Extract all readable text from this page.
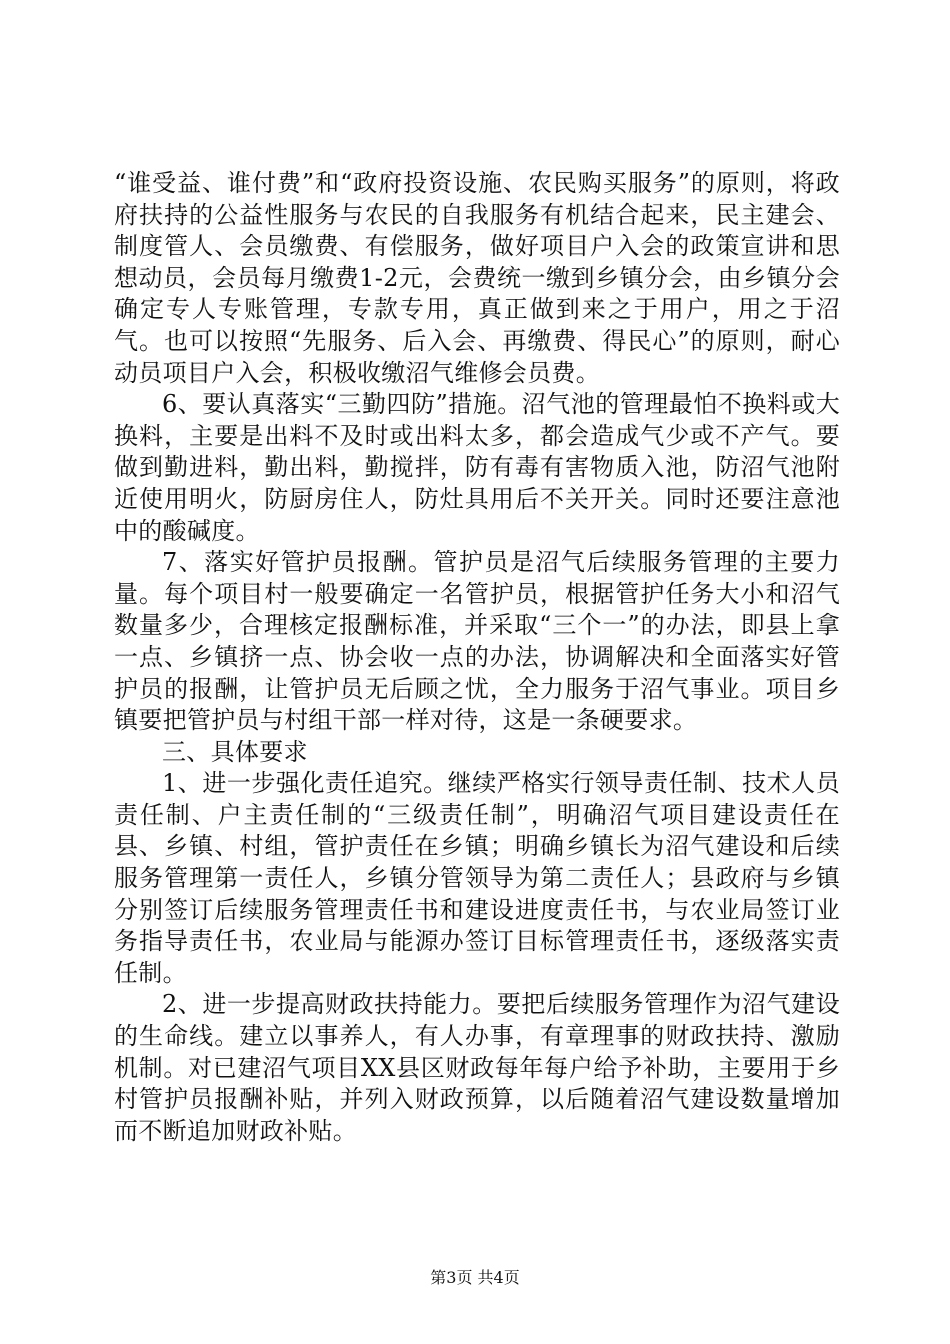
“谁受益、谁付费”和“政府投资设施、农民购买服务”的原则，将政府扶持的公益性服务与农民的自我服务有机结合起来，民主建会、制度管人、会员缴费、有偿服务，做好项目户入会的政策宣讲和思想动员，会员每月缴费1-2元，会费统一缴到乡镇分会，由乡镇分会确定专人专账管理，专款专用，真正做到来之于用户，用之于沼气。也可以按照“先服务、后入会、再缴费、得民心”的原则，耐心动员项目户入会，积极收缴沼气维修会员费。

6、要认真落实“三勤四防”措施。沼气池的管理最怕不换料或大换料，主要是出料不及时或出料太多，都会造成气少或不产气。要做到勤进料，勤出料，勤搅拌，防有毒有害物质入池，防沼气池附近使用明火，防厨房住人，防灶具用后不关开关。同时还要注意池中的酸碱度。

7、落实好管护员报酬。管护员是沼气后续服务管理的主要力量。每个项目村一般要确定一名管护员，根据管护任务大小和沼气数量多少，合理核定报酬标准，并采取“三个一”的办法，即县上拿一点、乡镇挤一点、协会收一点的办法，协调解决和全面落实好管护员的报酬，让管护员无后顾之忧，全力服务于沼气事业。项目乡镇要把管护员与村组干部一样对待，这是一条硬要求。

三、具体要求

1、进一步强化责任追究。继续严格实行领导责任制、技术人员责任制、户主责任制的“三级责任制”，明确沼气项目建设责任在县、乡镇、村组，管护责任在乡镇；明确乡镇长为沼气建设和后续服务管理第一责任人，乡镇分管领导为第二责任人；县政府与乡镇分别签订后续服务管理责任书和建设进度责任书，与农业局签订业务指导责任书，农业局与能源办签订目标管理责任书，逐级落实责任制。

2、进一步提高财政扶持能力。要把后续服务管理作为沼气建设的生命线。建立以事养人，有人办事，有章理事的财政扶持、激励机制。对已建沼气项目XX县区财政每年每户给予补助，主要用于乡村管护员报酬补贴，并列入财政预算，以后随着沼气建设数量增加而不断追加财政补贴。

第3页 共4页
